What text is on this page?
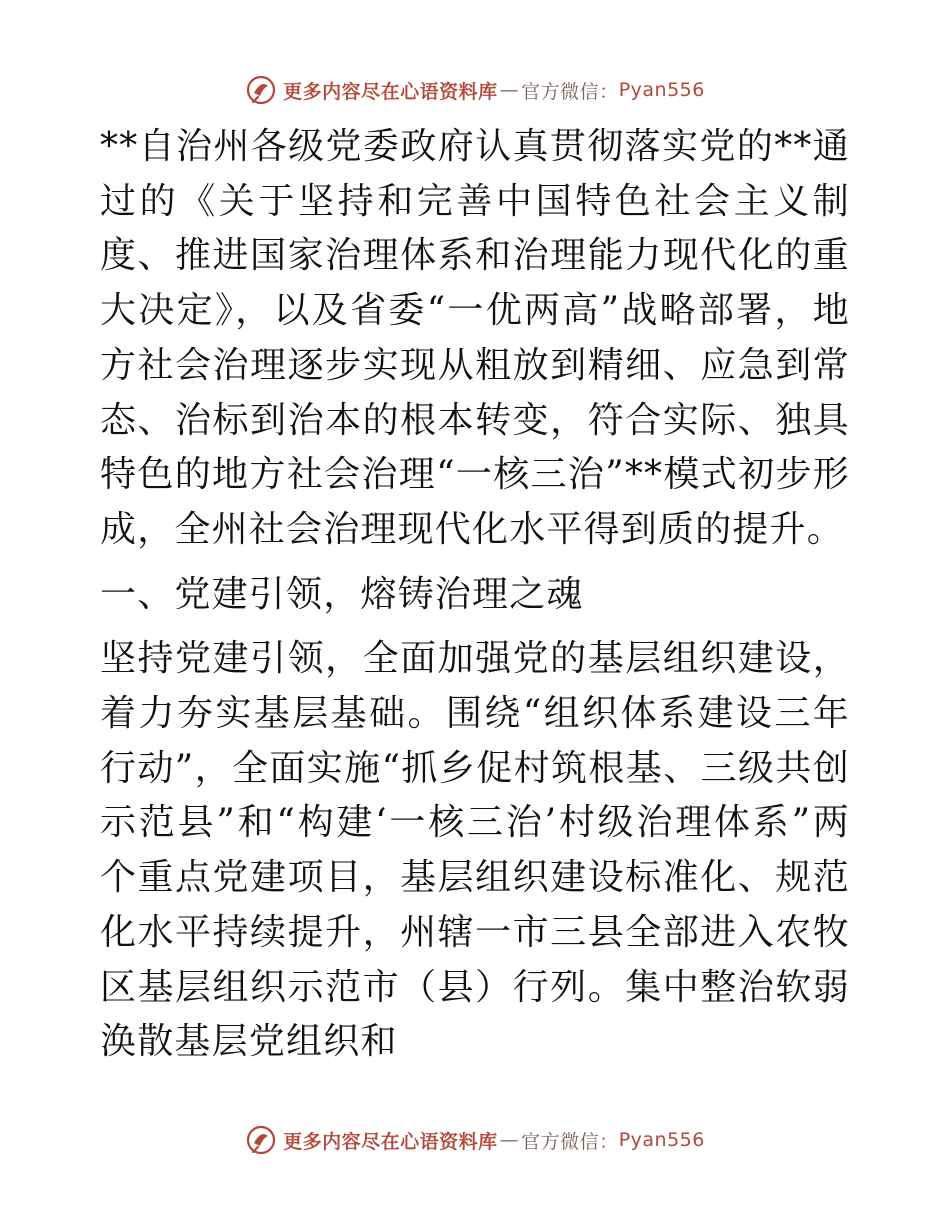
更多内容尽在心语资料库 — 官方微信： Pyan556

**自治州各级党委政府认真贯彻落实党的**通过的《关于坚持和完善中国特色社会主义制度、推进国家治理体系和治理能力现代化的重大决定》，以及省委“一优两高”战略部署，地方社会治理逐步实现从粗放到精细、应急到常态、治标到治本的根本转变，符合实际、独具特色的地方社会治理“一核三治”**模式初步形成，全州社会治理现代化水平得到质的提升。

一、党建引领，熔铸治理之魂

坚持党建引领，全面加强党的基层组织建设，着力夯实基层基础。围绕“组织体系建设三年行动”，全面实施“抓乡促村筑根基、三级共创示范县”和“构建‘一核三治’村级治理体系”两个重点党建项目，基层组织建设标准化、规范化水平持续提升，州辖一市三县全部进入农牧区基层组织示范市（县）行列。集中整治软弱涣散基层党组织和

更多内容尽在心语资料库 — 官方微信： Pyan556
